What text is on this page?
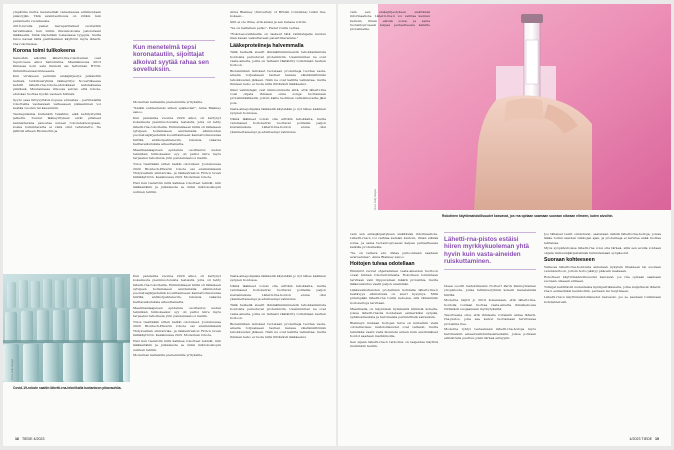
ympärille mutta menetelmät varauksessa eliminoidaan pääoryjän. Tätä avainteollisuus on viitäm rein parannellu vuosikausia.

2010-luvulla pienet meraparitaikeit osoitettiin tarvalliseksi, kun niihin ilmoiskokoisia patoisraani lääkkeellä. Siinä käytetään tosiasiassa tyyppiä, mutta tulos navasi täitä paritikeikien käyttöön myös lähetti-rna-rokotteissa.

Korona toimi tulikokeena

Samoihin aikoihin lähetti-rna-rokotteiden osat tuputovaus alkoi haltumvina. Maaliskuussa 2013 Kiinassa noin sata ihmistä sai tartunnan H7N9-lintuinfluenssavirukseesta.

Kun virukseen perimän emäsjärjestys julkaistiin netissä, tutkimusryhmä lääkeyritys Novartiksessa kehitti lähetti-rna-rokote-ehdokkaan kahdeksassa päivässä. Muutamassa viikossa selvisi, että rokote-ehdokas tuottaa hyvän vasteen hiirissä.

Syyni osaa liittyvyttävä nopeus ennustaa – perinteisillä rokotteilla vastaavaan vaiheeseen pääseminen voi kestää vuoden tai kauemmin.

Tautiepidemia kuitenkin tukahtui, eikä kehitystyöllä jatkettu. Suuret lääkeyritykset eivät pitäneet kannattavana panostaa uuteen rokoteteknologiaan, koska toimintavarta ei vielä ollut vahvistettu. Ne jättivät alheen Biontechin ja

Kun menetelmä tepsi koronatautiin, sijoittajat alkoivat syytää rahaa sen sovelluksiin.

Modernan kaltaisille pienemmille yrityksille.

"Kaikki suhtautuivat siihen epäileväst", Anna Blakney sanoo.

Kun pandemia vuonna 2020 alkoi, oli kertynyt kokemusta pienimuotoisista testeistä, joita oli tehty lähetti-rna-rokotteilla. Eniimmäiseen kiillä oli tällaiseen sylvijeen hoitamiseen asuttamalla eliminoiden puolustusjärjestelmä koosittamiseen kannattomuutensa hiirillä, antikorpahteleviin, lukuisia vakavia haittavaikutuksia aiheuttamatta.

Maailmanlaajuisen epidemia osoittautui uuden tekniikan tulikokeeksi: syy oli pattoi kiire myös tarpeeksi rahoitusta ylön pandemiselooi mallin.

Tulos tiesitkään sitten kaikki odotukset. Joulukuussa 2020 Biontech-Pfizerin rokote sai ensimmäisenä Yhdysvaltain elintarvike- ja lääkeviraston FDA:n luvan hätäkäyttöön. Kesäkuussa 2021 Modernan rokote.

Heti kun tiedettiin mitä kaikkea rokotteet tekivät, niin lääkkeitäkin ja julkaisusta se mikä mikrokoskopin uutinen tehtiin.

Anna Blakney (Univeristy of British Columbia) tutkii rna-kokeen...

Silti ei ole ihme, että aluksi ja sen kanssa voitiin.

"Se on kaltainen pelko", Pieter Cullis vertaa.

"Rokotesovelluksilla on laskeut tätä valmistajalle kuuluu liian kauan vaikuttavaan patenttitavarana."

Lääkeproteiineja halvemmalla

Tällä hetkellä sisarit lämmällinnimmeistä tehokkaimmista hoidoista perustuvat proteiiniviin. Useinmmiten ne ovat vasta-aineita, joilla on tarkasti räätälöity toimintaan tautien hoitoon.

Biotekniikan laitokset tuotetaan proteiineja tuottaa vasta-aineita torjuakseen tautien kanssa väistämättömän tehokkuuden jälkeen. Näin ne ovat kalliita valmistaa, mutta ihmisen keho ei tuota niitä riittävästi lääkkeeksi.

Siksi valmistajat ovat kiinnostuneita siitä, että lähetti-rna voisi ohjata ihmisen omia soluja tuottamaan proteiinilääkkeitä, jolloin kallis teollinen valmistusvaihe jäisi pois.

Vasta-ainepohjaisia lääkkeitä käytetään jo nyt lähes kaikkien syöpien hoidossa.

Nämä lääkkeet voivat olla erittäin tehokkaita, mutta varsinaiset hoitokerrat tuottavat potilaille paljon kustannuksia. Lähetti-rna-hoidon etuna olisi yksinkertaisempi ja edullisempi valmistus.

Covid-19-rokote saatiin lähetti-rna-tekniikalla tuotantoon pikavauhtia.
Kuva: Getty Images

Kun pandemia vuonna 2020 alkoi, oli kertynyt kokemusta pienimuotoisista testeistä, joita oli tehty lähetti-rna-rokotteilla. Eniimmäiseen kiillä oli tällaiseen sylvijeen hoitamiseen asuttamalla eliminoiden puolustusjärjestelmä koosittamiseen kannattomuutensa hiirillä, antikorpahteleviin, lukuisia vakavia haittavaikutuksia aiheuttamatta.

Maailmanlaajuisen epidemia osoittautui uuden tekniikan tulikokeeksi: syy oli pattoi kiire myös tarpeeksi rahoitusta ylön pandemiselooi mallin.

Tulos tiesitkään sitten kaikki odotukset. Joulukuussa 2020 Biontech-Pfizerin rokote sai ensimmäisenä Yhdysvaltain elintarvike- ja lääkeviraston FDA:n luvan hätäkäyttöön. Kesäkuussa 2021 Modernan rokote.

Heti kun tiedettiin mitä kaikkea rokotteet tekivät, niin lääkkeitäkin ja julkaisusta se mikä mikrokoskopin uutinen tehtiin.

Modernan kaltaisille pienemmille yrityksille.

Vasta-ainepohjaisia lääkkeitä käytetään jo nyt lähes kaikkien syöpien hoidossa.

Nämä lääkkeet voivat olla erittäin tehokkaita, mutta varsinaiset hoitokerrat tuottavat potilaille paljon kustannuksia. Lähetti-rna-hoidon etuna olisi yksinkertaisempi ja edullisempi valmistus.

Tällä hetkellä sisarit lämmällinnimmeistä tehokkaimmista hoidoista perustuvat proteiiniviin. Useinmmiten ne ovat vasta-aineita, joilla on tarkasti räätälöity toimintaan tautien hoitoon.

Biotekniikan laitokset tuotetaan proteiineja tuottaa vasta-aineita torjuakseen tautien kanssa väistämättömän tehokkuuden jälkeen. Näin ne ovat kalliita valmistaa, mutta ihmisen keho ei tuota niitä riittävästi lääkkeeksi.

16 TIEDE 4/2023
Kuva: Getty Images
Rokotteen käyttömahdollisuudet kasvavat, jos rna opitaan saamaan suoraan oikeaan elimeen, kuten aivoihin.

vain sen emäsjärjestyksen sisältävää informaatiota. Lähetti-rna:n voi vaihtaa kemian keinoin, ilman elävää solua, ja sama tuotantoprosessi kelpaa periaatteessa kaikille proteiineille.

vain sen emäsjärjestyksen sisältävää informaatiota. Lähetti-rna:n voi vaihtaa kemian keinoin, ilman elävää solua, ja sama tuotantoprosessi kelpaa periaatteessa kaikille proteiineille.

"Se on valtava etu. Palaa pulloonkaan saadaan avaruetulaa", Anna Blakney sanoo.

Hoitojen tulvaa odotellaan

Eliminiöt suorat ohjeitaminen vasta-aineiden tuottoon ovaat hinnan rokotuntinteista. Rokotteen toimintaan tarvitaan vain riippuvainen määrä proteiinia, mutta lääkevaikutus vaatii paljon enemmän.

Lääkevaikutteisten proteiinien kohdalla lähetti-rna:n kestävyys elimistössä on suuri kysymys. Mitä pidempään lähetti-rna toimii kehossa, sitä vähemmän hoitokertoja tarvitaan.

Maailmalla on käynnissä kymmeniä kliinisiä kokeita, joissa lähetti-rna:lla hoidetaan esimerkiksi syöpää, sydänsairauksia ja harvinaisia perinnöllisiä sairauksia.

Blakneyn mukaan hoitojen tulva on kuitenkin vielä odotettavissa: mahdollisuudet ovat valtavat, mutta tekniikka vaatii vielä hiomista ennen kuin ensimmäiset hoidot saadaan markkinoille.

Sen sijaan lähetti-rna:n tarkoitus on laajentaa käyttöä muihinkin tautiin.

Lähetti-rna-pistos estäisi hiiren myrkkykuoleman yhtä hyvin kuin vasta-aineiden ruiskuttaminen.

Ideaa osoitti mahdollisuksi Norbert Pardi Pennsylvanian yliopistosta, jonka tutkimusryhmä kokeili menetelmää hiirillä.

Moderna näytti jo 2019 kokeissaan, että lähetti-rna-hoidolla voidaan tuottaa vasta-ainetta ihmiskehossa riittävästi suojaamaan myrkytyksiltä.

Tavoitteena olisi, että ihmiselle voitaisiin antaa lähetti-rna-pistos, joka saa kehon tuottamaan tarvittavaa proteiinia itse.

Moderna ryhtyi testaamaan lähetti-rna-hoitoja myös harvinaisiin aineenvaihduntasairauksiin, joissa potilaan elimistöstä puuttuu jokin tärkeä entsyymi.

Jos tällaiset testit onnistuvat, saatetaan nähdä lähetti-rna-hoitoja, joissa lääke toimii useiden viikkojen ajan, ja proteiineja ei tarvitse enää tuottaa tehtaissa.

Myös syöpähoitoissa lähetti-rna voisi olla tärkeä, sillä sen avulla voidaan ohjata immuunijärjestelmää tunnistamaan syöpäsolut.

Suoraan kohteeseen

Valtaosa lähetti-rna-hoidoista annetaan nykyisin lihakseen tai suoraan verenkiertoon, jolloin hoito päätyy pääosin maksaan.

Rokotteen käyttömahdollisuudet kasvavat, jos rna opitaan saamaan suoraan oikeaan elimeen.

Tutkijat kehittävät uudenlaisia lipidipartikkeleita, jotka kuljettavat lähetti-rna:n esimerkiksi keuhkoihin, pernaan tai luuytimeen.

Lähetti-rna:n käyttömahdollisuudet kasvavat, jos se saadaan toimimaan kohdennetusti.

4/2023 TIEDE 19
